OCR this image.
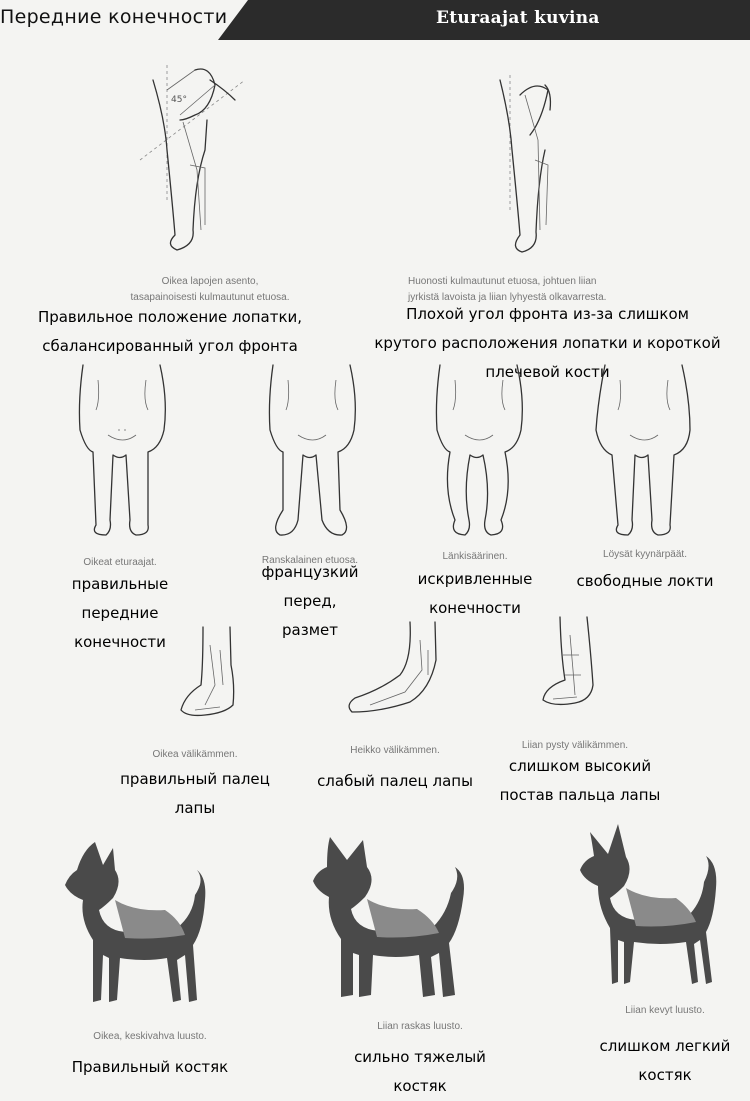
Передние конечности	Eturaajat kuvina
45°
Oikea lapojen asento,
tasapainoisesti kulmautunut etuosa.
Правильное положение лопатки,
сбалансированный угол фронта
Huonosti kulmautunut etuosa, johtuen liian
jyrkistä lavoista ja liian lyhyestä olkavarresta.
Плохой угол фронта из-за слишком
крутого расположения лопатки и короткой
плечевой кости
Oikeat eturaajat.
правильные
передние
конечности
Ranskalainen etuosa.
французкий
перед,
размет
Länkisäärinen.
искривленные
конечности
Löysät kyynärpäät.
свободные локти
Oikea välikämmen.
правильный палец
лапы
Heikko välikämmen.
слабый палец лапы
Liian pysty välikämmen.
слишком высокий
постав пальца лапы
Oikea, keskivahva luusto.
Правильный костяк
Liian raskas luusto.
сильно тяжелый
костяк
Liian kevyt luusto.
слишком легкий
костяк
